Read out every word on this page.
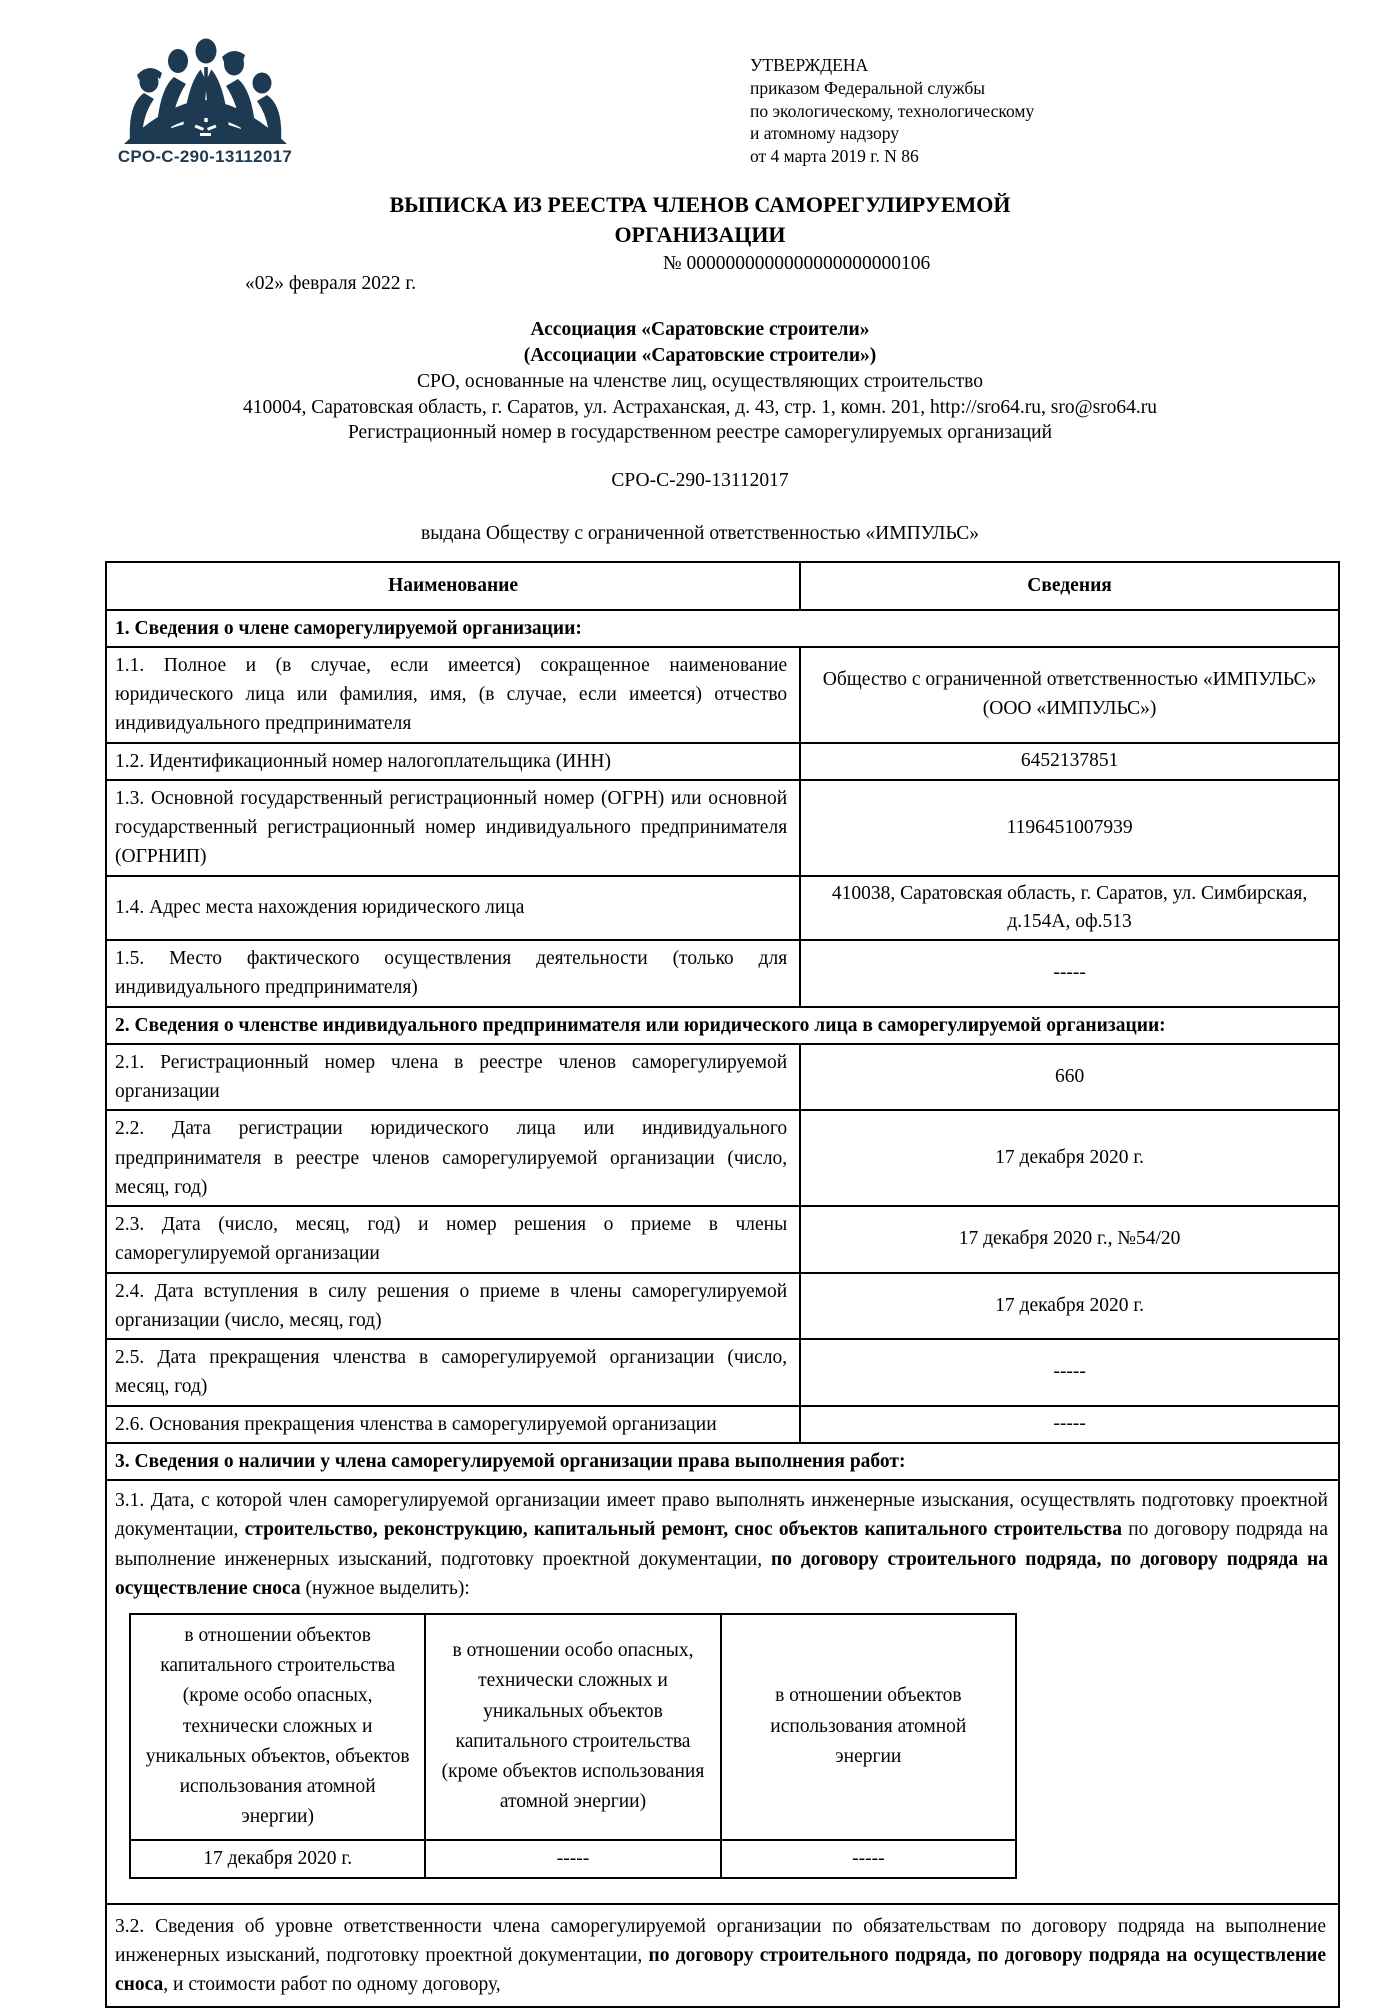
СРО-С-290-13112017
УТВЕРЖДЕНА
приказом Федеральной службы
по экологическому, технологическому
и атомному надзору
от 4 марта 2019 г. N 86
ВЫПИСКА ИЗ РЕЕСТРА ЧЛЕНОВ САМОРЕГУЛИРУЕМОЙ ОРГАНИЗАЦИИ
№ 0000000000000000000000106
«02» февраля 2022 г.
Ассоциация «Саратовские строители»
(Ассоциации «Саратовские строители»)
СРО, основанные на членстве лиц, осуществляющих строительство
410004, Саратовская область, г. Саратов, ул. Астраханская, д. 43, стр. 1, комн. 201, http://sro64.ru, sro@sro64.ru
Регистрационный номер в государственном реестре саморегулируемых организаций
СРО-С-290-13112017
выдана Обществу с ограниченной ответственностью «ИМПУЛЬС»
Наименование	Сведения
1. Сведения о члене саморегулируемой организации:
1.1. Полное и (в случае, если имеется) сокращенное наименование юридического лица или фамилия, имя, (в случае, если имеется) отчество индивидуального предпринимателя	Общество с ограниченной ответственностью «ИМПУЛЬС» (ООО «ИМПУЛЬС»)
1.2. Идентификационный номер налогоплательщика (ИНН)	6452137851
1.3. Основной государственный регистрационный номер (ОГРН) или основной государственный регистрационный номер индивидуального предпринимателя (ОГРНИП)	1196451007939
1.4. Адрес места нахождения юридического лица	410038, Саратовская область, г. Саратов, ул. Симбирская, д.154А, оф.513
1.5. Место фактического осуществления деятельности (только для индивидуального предпринимателя)	-----
2. Сведения о членстве индивидуального предпринимателя или юридического лица в саморегулируемой организации:
2.1. Регистрационный номер члена в реестре членов саморегулируемой организации	660
2.2. Дата регистрации юридического лица или индивидуального предпринимателя в реестре членов саморегулируемой организации (число, месяц, год)	17 декабря 2020 г.
2.3. Дата (число, месяц, год) и номер решения о приеме в члены саморегулируемой организации	17 декабря 2020 г., №54/20
2.4. Дата вступления в силу решения о приеме в члены саморегулируемой организации (число, месяц, год)	17 декабря 2020 г.
2.5. Дата прекращения членства в саморегулируемой организации (число, месяц, год)	-----
2.6. Основания прекращения членства в саморегулируемой организации	-----
3. Сведения о наличии у члена саморегулируемой организации права выполнения работ:

3.1. Дата, с которой член саморегулируемой организации имеет право выполнять инженерные изыскания, осуществлять подготовку проектной документации, строительство, реконструкцию, капитальный ремонт, снос объектов капитального строительства по договору подряда на выполнение инженерных изысканий, подготовку проектной документации, по договору строительного подряда, по договору подряда на осуществление сноса (нужное выделить):
в отношении объектов капитального строительства (кроме особо опасных, технически сложных и уникальных объектов, объектов использования атомной энергии)	в отношении особо опасных, технически сложных и уникальных объектов капитального строительства (кроме объектов использования атомной энергии)	в отношении объектов использования атомной энергии
17 декабря 2020 г.	-----	-----

3.2. Сведения об уровне ответственности члена саморегулируемой организации по обязательствам по договору подряда на выполнение инженерных изысканий, подготовку проектной документации, по договору строительного подряда, по договору подряда на осуществление сноса, и стоимости работ по одному договору,
